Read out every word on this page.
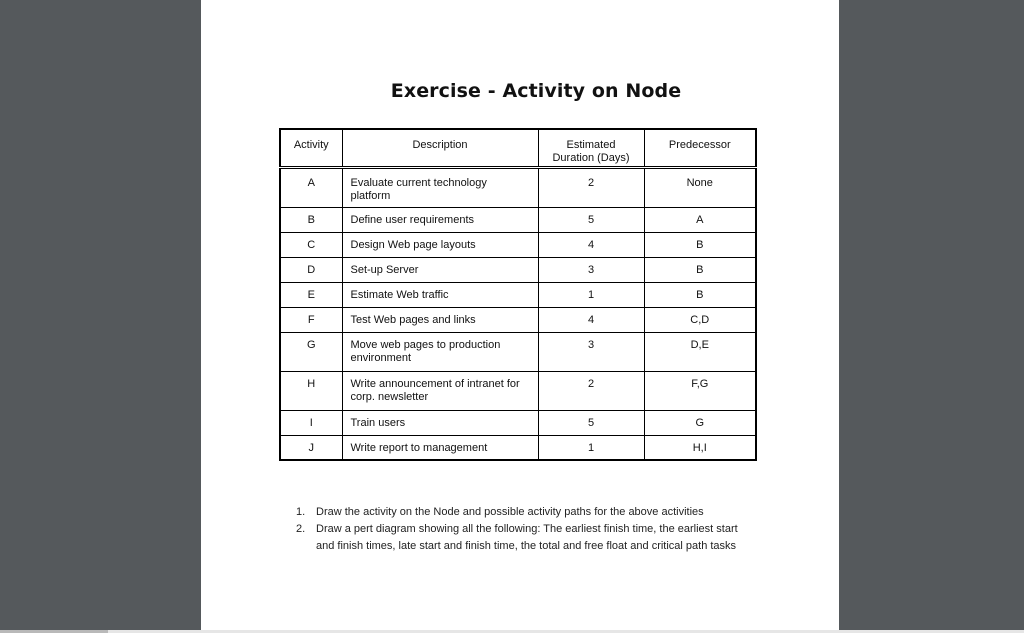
Exercise - Activity on Node
Activity	Description	Estimated Duration (Days)	Predecessor
A	Evaluate current technology platform	2	None
B	Define user requirements	5	A
C	Design Web page layouts	4	B
D	Set-up Server	3	B
E	Estimate Web traffic	1	B
F	Test Web pages and links	4	C,D
G	Move web pages to production environment	3	D,E
H	Write announcement of intranet for corp. newsletter	2	F,G
I	Train users	5	G
J	Write report to management	1	H,I
1. Draw the activity on the Node and possible activity paths for the above activities
2. Draw a pert diagram showing all the following: The earliest finish time, the earliest start and finish times, late start and finish time, the total and free float and critical path tasks
